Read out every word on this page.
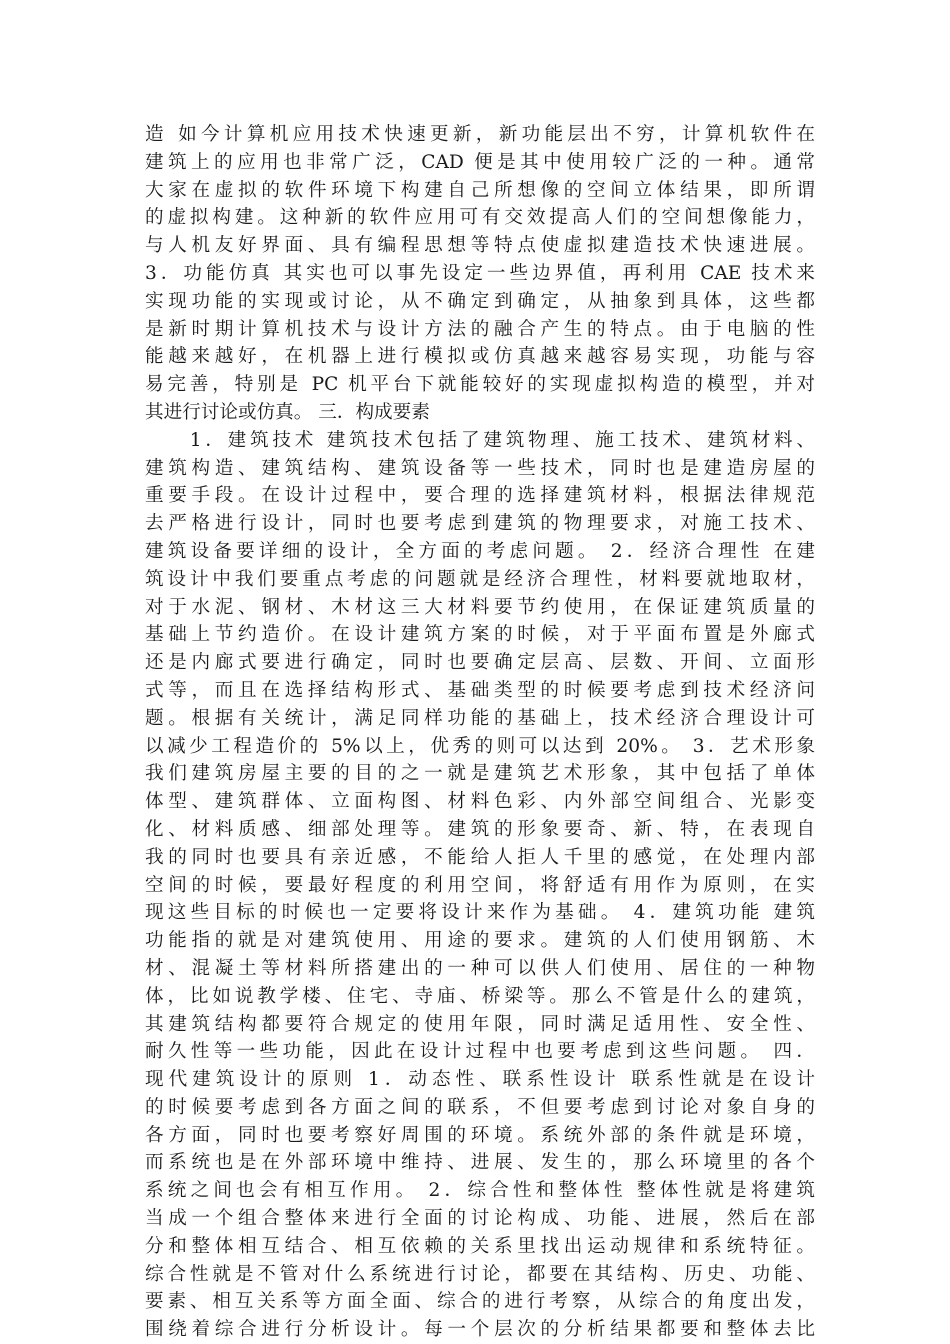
造 如今计算机应用技术快速更新，新功能层出不穷，计算机软件在
建筑上的应用也非常广泛，CAD 便是其中使用较广泛的一种。通常
大家在虚拟的软件环境下构建自己所想像的空间立体结果，即所谓
的虚拟构建。这种新的软件应用可有交效提高人们的空间想像能力，
与人机友好界面、具有编程思想等特点使虚拟建造技术快速进展。
3．功能仿真 其实也可以事先设定一些边界值，再利用 CAE 技术来
实现功能的实现或讨论，从不确定到确定，从抽象到具体，这些都
是新时期计算机技术与设计方法的融合产生的特点。由于电脑的性
能越来越好，在机器上进行模拟或仿真越来越容易实现，功能与容
易完善，特别是 PC 机平台下就能较好的实现虚拟构造的模型，并对
其进行讨论或仿真。 三．构成要素
　　1．建筑技术 建筑技术包括了建筑物理、施工技术、建筑材料、
建筑构造、建筑结构、建筑设备等一些技术，同时也是建造房屋的
重要手段。在设计过程中，要合理的选择建筑材料，根据法律规范
去严格进行设计，同时也要考虑到建筑的物理要求，对施工技术、
建筑设备要详细的设计，全方面的考虑问题。 2．经济合理性 在建
筑设计中我们要重点考虑的问题就是经济合理性，材料要就地取材，
对于水泥、钢材、木材这三大材料要节约使用，在保证建筑质量的
基础上节约造价。在设计建筑方案的时候，对于平面布置是外廊式
还是内廊式要进行确定，同时也要确定层高、层数、开间、立面形
式等，而且在选择结构形式、基础类型的时候要考虑到技术经济问
题。根据有关统计，满足同样功能的基础上，技术经济合理设计可
以减少工程造价的 5%以上，优秀的则可以达到 20%。 3．艺术形象
我们建筑房屋主要的目的之一就是建筑艺术形象，其中包括了单体
体型、建筑群体、立面构图、材料色彩、内外部空间组合、光影变
化、材料质感、细部处理等。建筑的形象要奇、新、特，在表现自
我的同时也要具有亲近感，不能给人拒人千里的感觉，在处理内部
空间的时候，要最好程度的利用空间，将舒适有用作为原则，在实
现这些目标的时候也一定要将设计来作为基础。 4．建筑功能 建筑
功能指的就是对建筑使用、用途的要求。建筑的人们使用钢筋、木
材、混凝土等材料所搭建出的一种可以供人们使用、居住的一种物
体，比如说教学楼、住宅、寺庙、桥梁等。那么不管是什么的建筑，
其建筑结构都要符合规定的使用年限，同时满足适用性、安全性、
耐久性等一些功能，因此在设计过程中也要考虑到这些问题。 四．
现代建筑设计的原则 1．动态性、联系性设计 联系性就是在设计
的时候要考虑到各方面之间的联系，不但要考虑到讨论对象自身的
各方面，同时也要考察好周围的环境。系统外部的条件就是环境，
而系统也是在外部环境中维持、进展、发生的，那么环境里的各个
系统之间也会有相互作用。 2．综合性和整体性 整体性就是将建筑
当成一个组合整体来进行全面的讨论构成、功能、进展，然后在部
分和整体相互结合、相互依赖的关系里找出运动规律和系统特征。
综合性就是不管对什么系统进行讨论，都要在其结构、历史、功能、
要素、相互关系等方面全面、综合的进行考察，从综合的角度出发，
围绕着综合进行分析设计。每一个层次的分析结果都要和整体去比
